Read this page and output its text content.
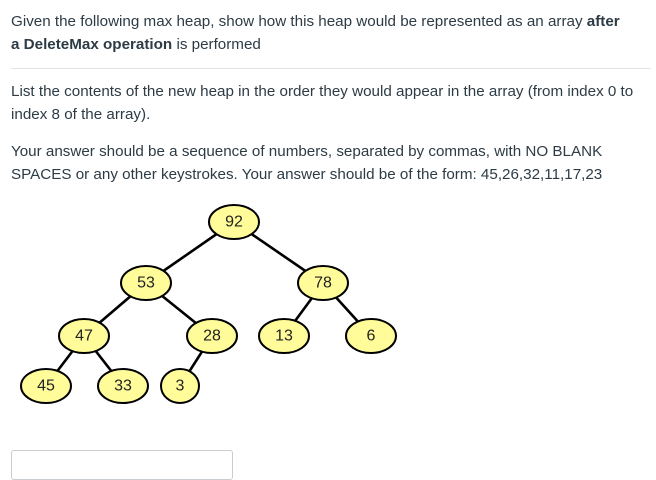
Given the following max heap, show how this heap would be represented as an array after
a DeleteMax operation is performed

List the contents of the new heap in the order they would appear in the array (from index 0 to index 8 of the array).

Your answer should be a sequence of numbers, separated by commas, with NO BLANK SPACES or any other keystrokes. Your answer should be of the form: 45,26,32,11,17,23

92
53	78
47	28	13	6
45	33	3
